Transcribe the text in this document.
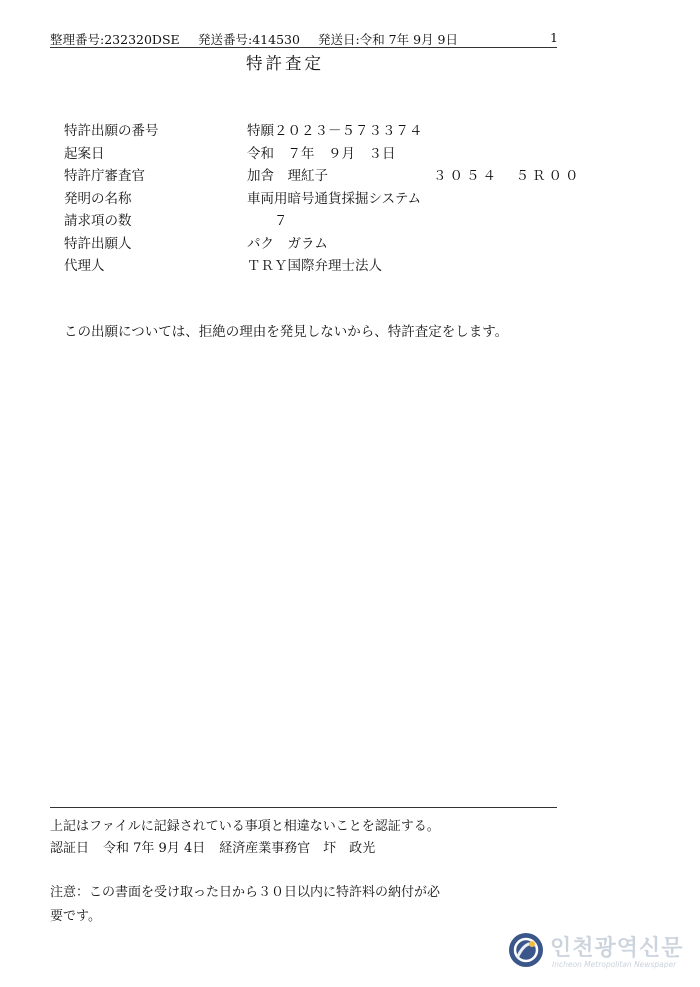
整理番号:232320DSE 発送番号:414530 発送日:令和 7年 9月 9日	1
特許査定
特許出願の番号	特願２０２３－５７３３７４
起案日	令和　７年　９月　３日
特許庁審査官	加舎　理紅子	３０５４　５Ｒ００
発明の名称	車両用暗号通貨採掘システム
請求項の数	　　７
特許出願人	パク　ガラム
代理人	ＴＲＹ国際弁理士法人
この出願については、拒絶の理由を発見しないから、特許査定をします。
上記はファイルに記録されている事項と相違ないことを認証する。
認証日 令和 7年 9月 4日 経済産業事務官　圷　政光
注意：この書面を受け取った日から３０日以内に特許料の納付が必
要です。
인천광역신문
Incheon Metropolitan Newspaper
